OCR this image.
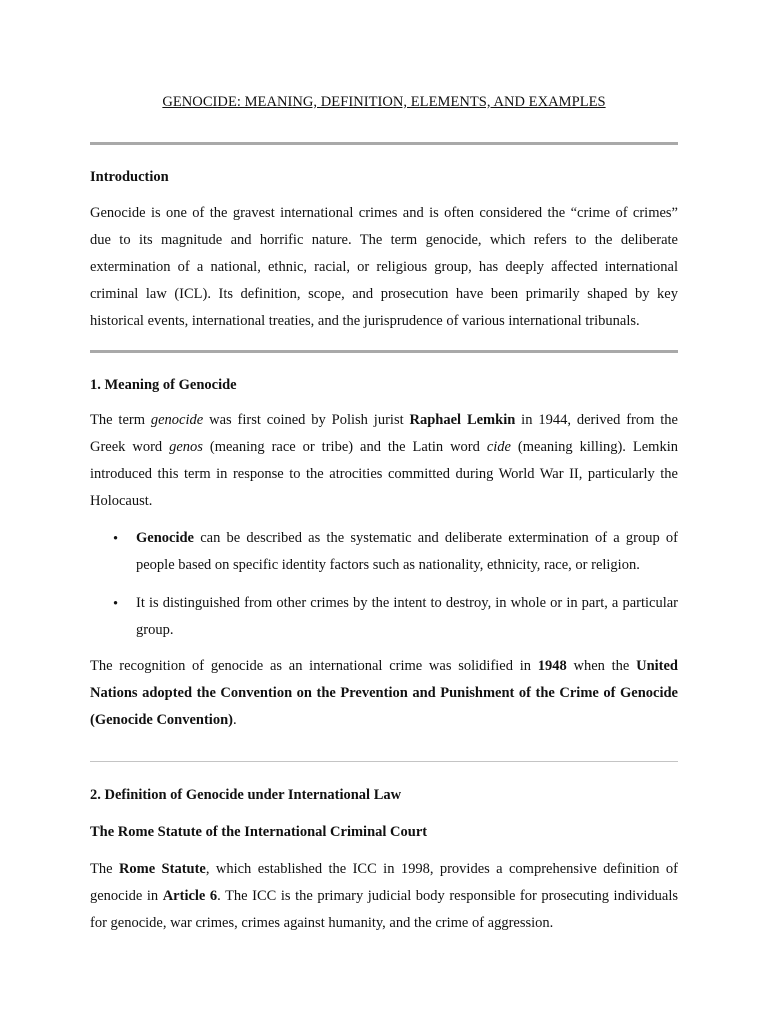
GENOCIDE: MEANING, DEFINITION, ELEMENTS, AND EXAMPLES
Introduction
Genocide is one of the gravest international crimes and is often considered the “crime of crimes”
due to its magnitude and horrific nature. The term genocide, which refers to the deliberate
extermination of a national, ethnic, racial, or religious group, has deeply affected international
criminal law (ICL). Its definition, scope, and prosecution have been primarily shaped by key
historical events, international treaties, and the jurisprudence of various international tribunals.
1. Meaning of Genocide
The term genocide was first coined by Polish jurist Raphael Lemkin in 1944, derived from the
Greek word genos (meaning race or tribe) and the Latin word cide (meaning killing). Lemkin
introduced this term in response to the atrocities committed during World War II, particularly the
Holocaust.
• Genocide can be described as the systematic and deliberate extermination of a group of
people based on specific identity factors such as nationality, ethnicity, race, or religion.
• It is distinguished from other crimes by the intent to destroy, in whole or in part, a particular
group.
The recognition of genocide as an international crime was solidified in 1948 when the United
Nations adopted the Convention on the Prevention and Punishment of the Crime of Genocide
(Genocide Convention).
2. Definition of Genocide under International Law
The Rome Statute of the International Criminal Court
The Rome Statute, which established the ICC in 1998, provides a comprehensive definition of
genocide in Article 6. The ICC is the primary judicial body responsible for prosecuting individuals
for genocide, war crimes, crimes against humanity, and the crime of aggression.
